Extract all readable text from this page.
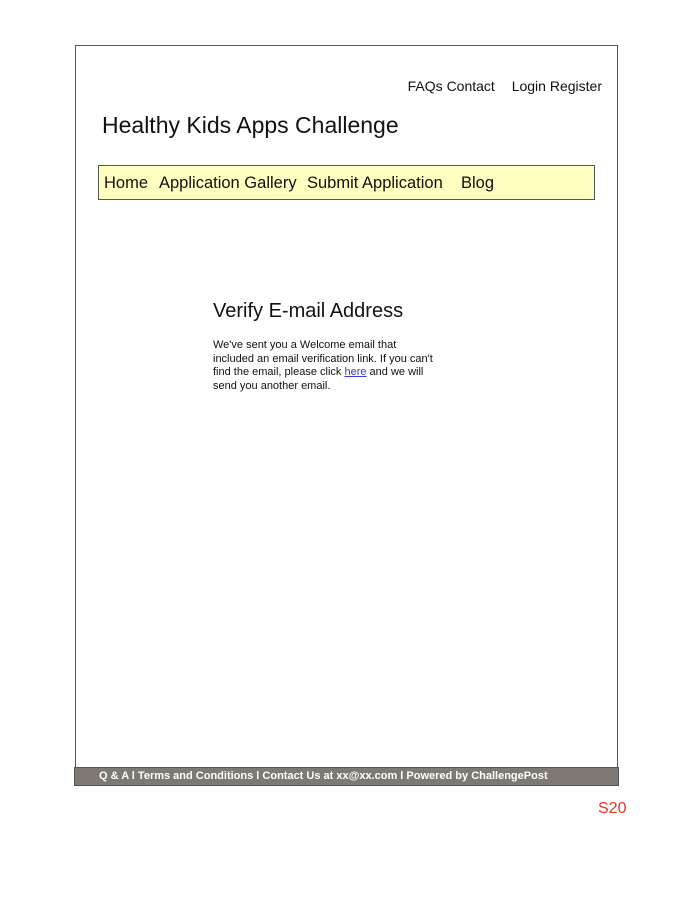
FAQs Contact Login Register
Healthy Kids Apps Challenge
Home Application Gallery Submit Application Blog
Verify E-mail Address

We've sent you a Welcome email that included an email verification link. If you can't find the email, please click here and we will send you another email.

Q & A l Terms and Conditions l Contact Us at xx@xx.com l Powered by ChallengePost
S20
